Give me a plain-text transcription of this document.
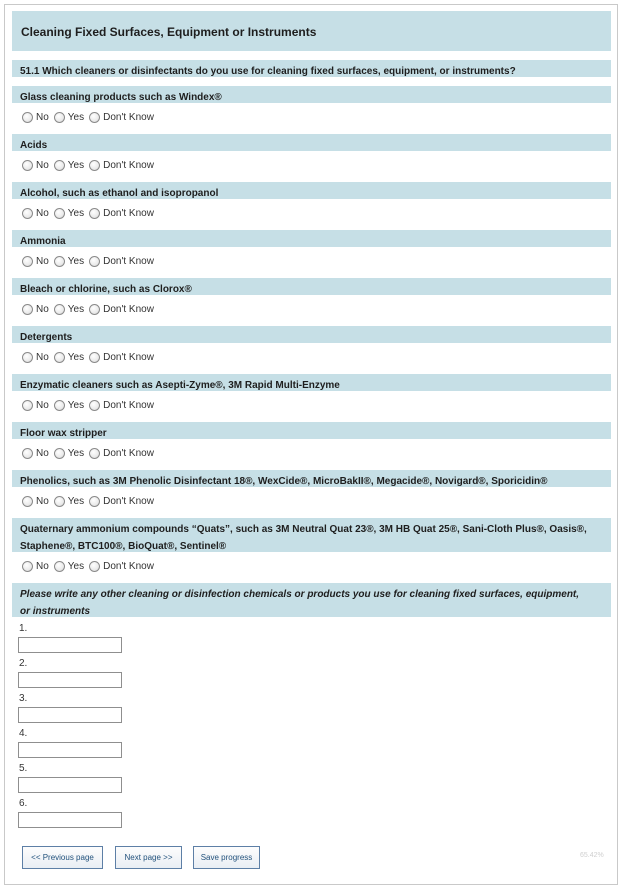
Cleaning Fixed Surfaces, Equipment or Instruments
51.1 Which cleaners or disinfectants do you use for cleaning fixed surfaces, equipment, or instruments?
Glass cleaning products such as Windex®
No Yes Don't Know
Acids
No Yes Don't Know
Alcohol, such as ethanol and isopropanol
No Yes Don't Know
Ammonia
No Yes Don't Know
Bleach or chlorine, such as Clorox®
No Yes Don't Know
Detergents
No Yes Don't Know
Enzymatic cleaners such as Asepti-Zyme®, 3M Rapid Multi-Enzyme
No Yes Don't Know
Floor wax stripper
No Yes Don't Know
Phenolics, such as 3M Phenolic Disinfectant 18®, WexCide®, MicroBakII®, Megacide®, Novigard®, Sporicidin®
No Yes Don't Know
Quaternary ammonium compounds “Quats”, such as 3M Neutral Quat 23®, 3M HB Quat 25®, Sani-Cloth Plus®, Oasis®,
Staphene®, BTC100®, BioQuat®, Sentinel®
No Yes Don't Know
Please write any other cleaning or disinfection chemicals or products you use for cleaning fixed surfaces, equipment,
or instruments
1.
2.
3.
4.
5.
6.
<< Previous page	Next page >>	Save progress	65.42%
